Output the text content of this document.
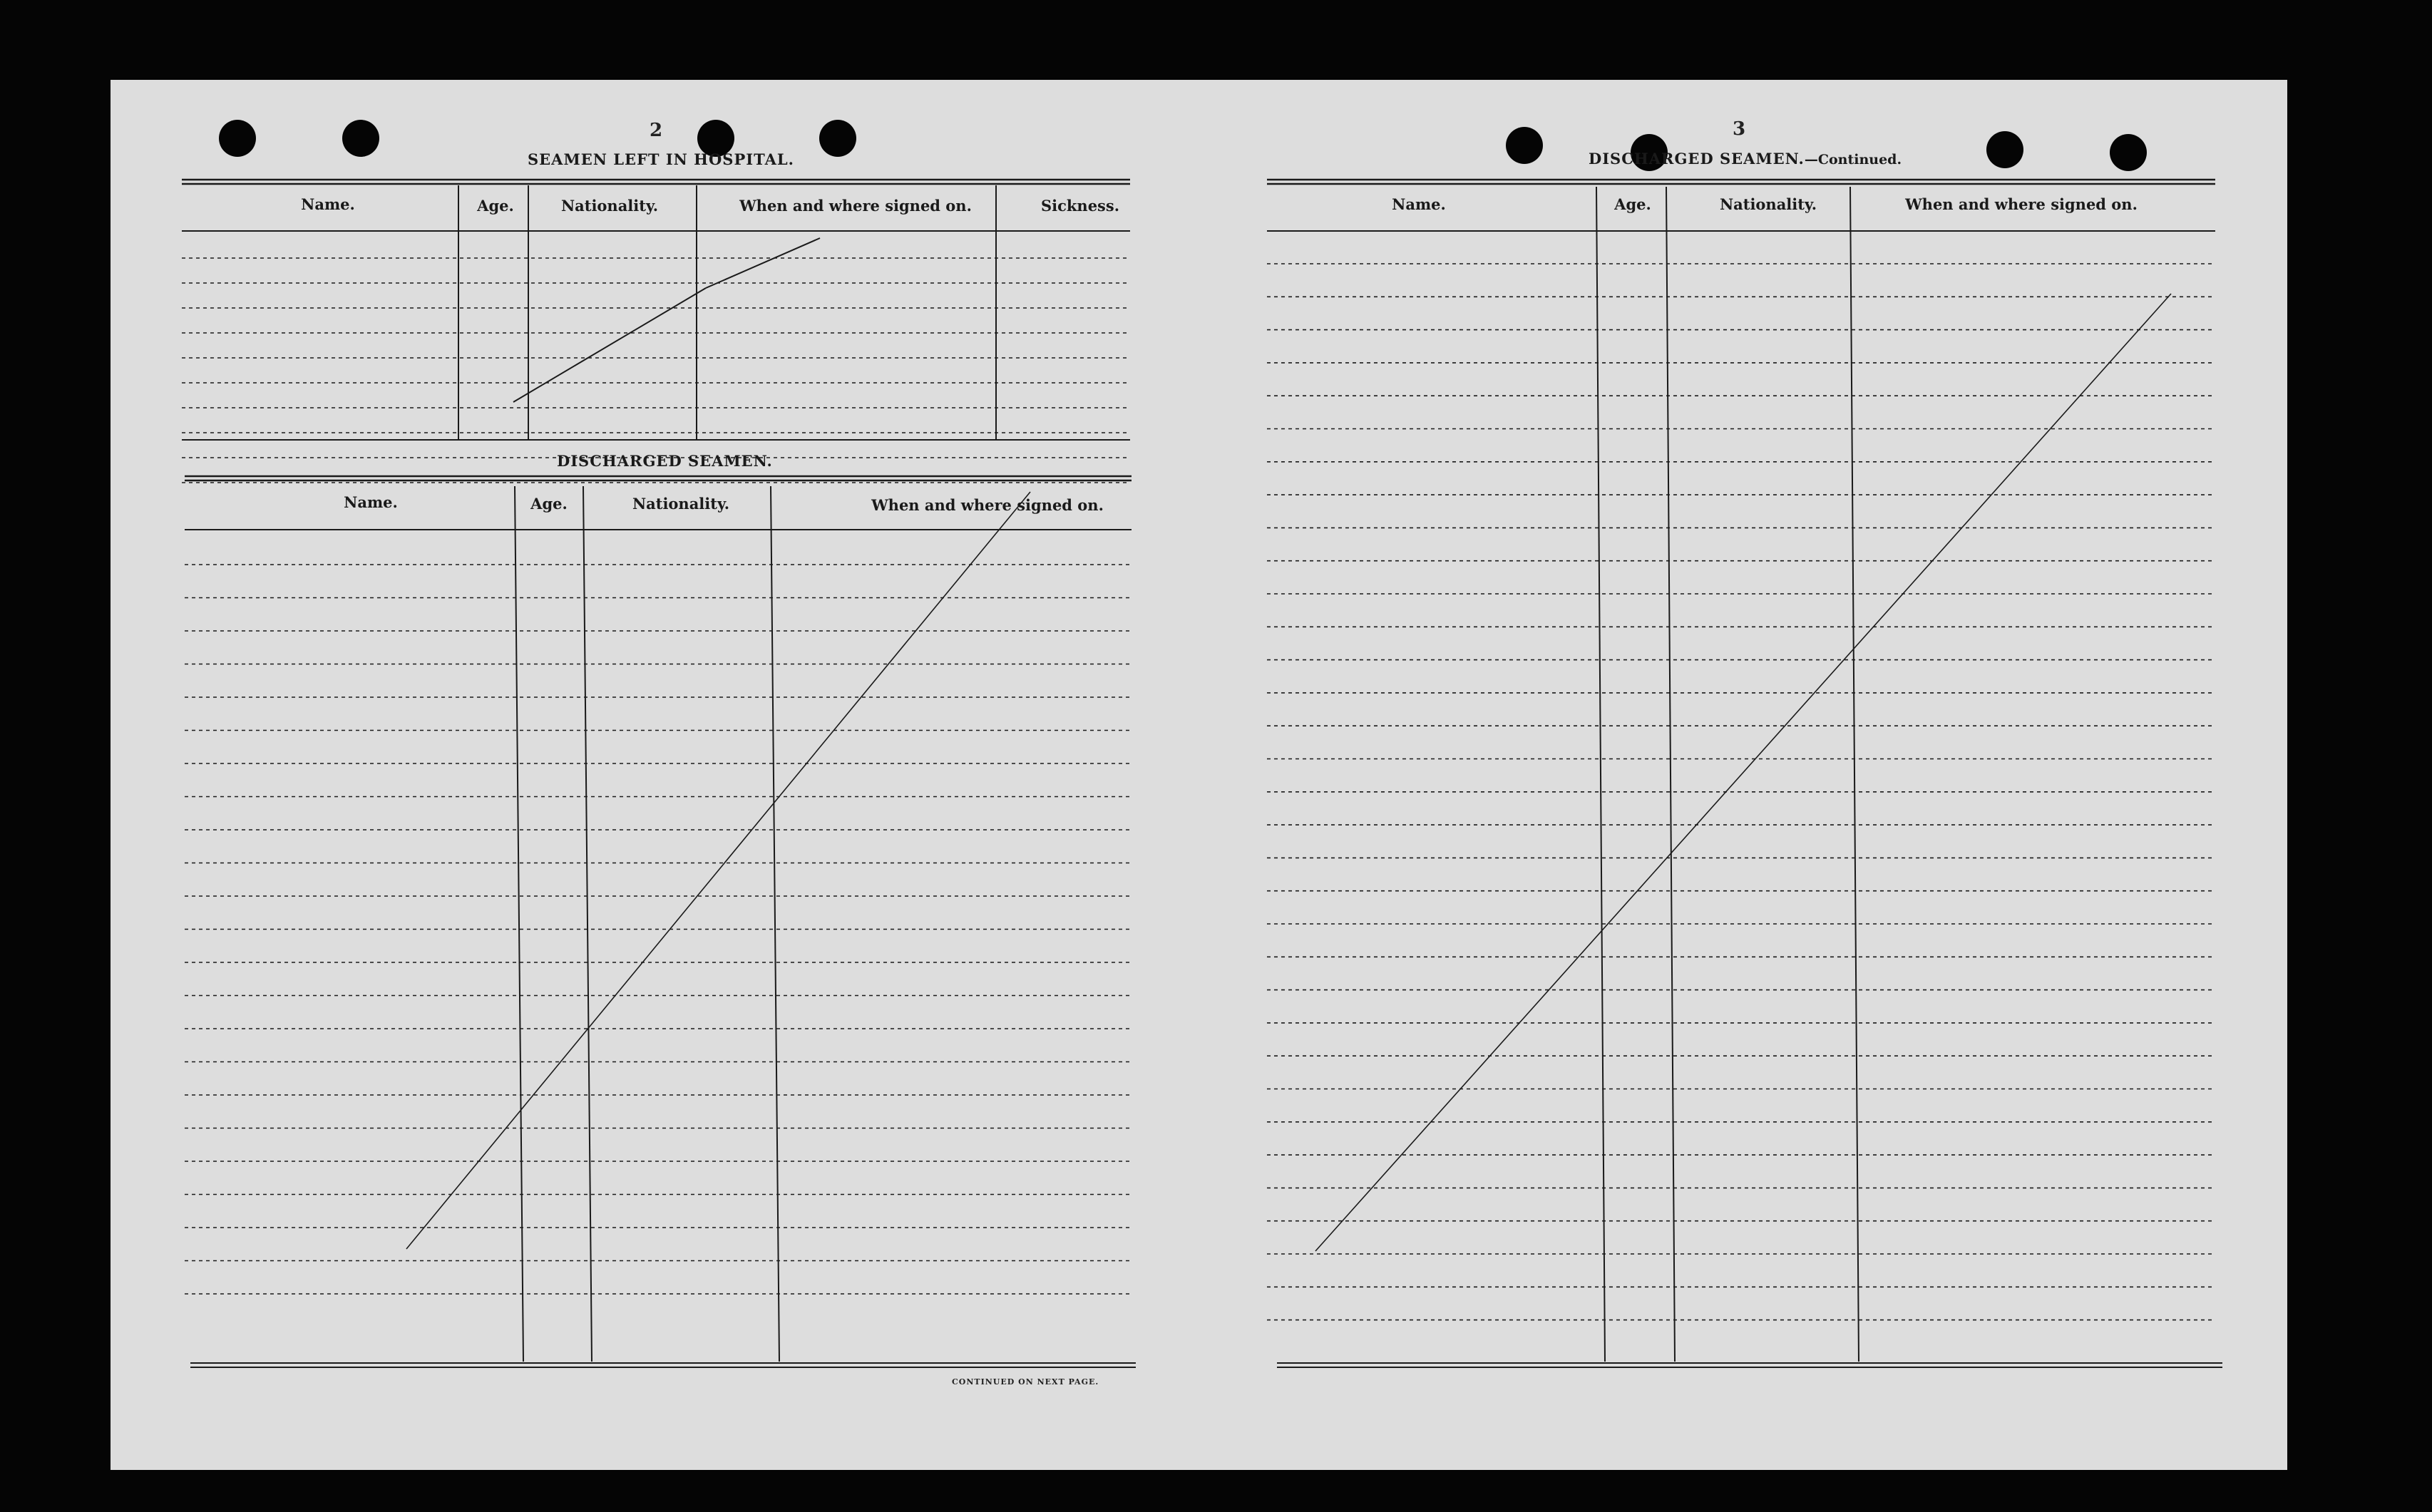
2
SEAMEN LEFT IN HOSPITAL.
Name.	Age.	Nationality.	When and where signed on.	Sickness.
DISCHARGED SEAMEN.
Name.	Age.	Nationality.	When and where signed on.
CONTINUED ON NEXT PAGE.
3
DISCHARGED SEAMEN.—Continued.
Name.	Age.	Nationality.	When and where signed on.
